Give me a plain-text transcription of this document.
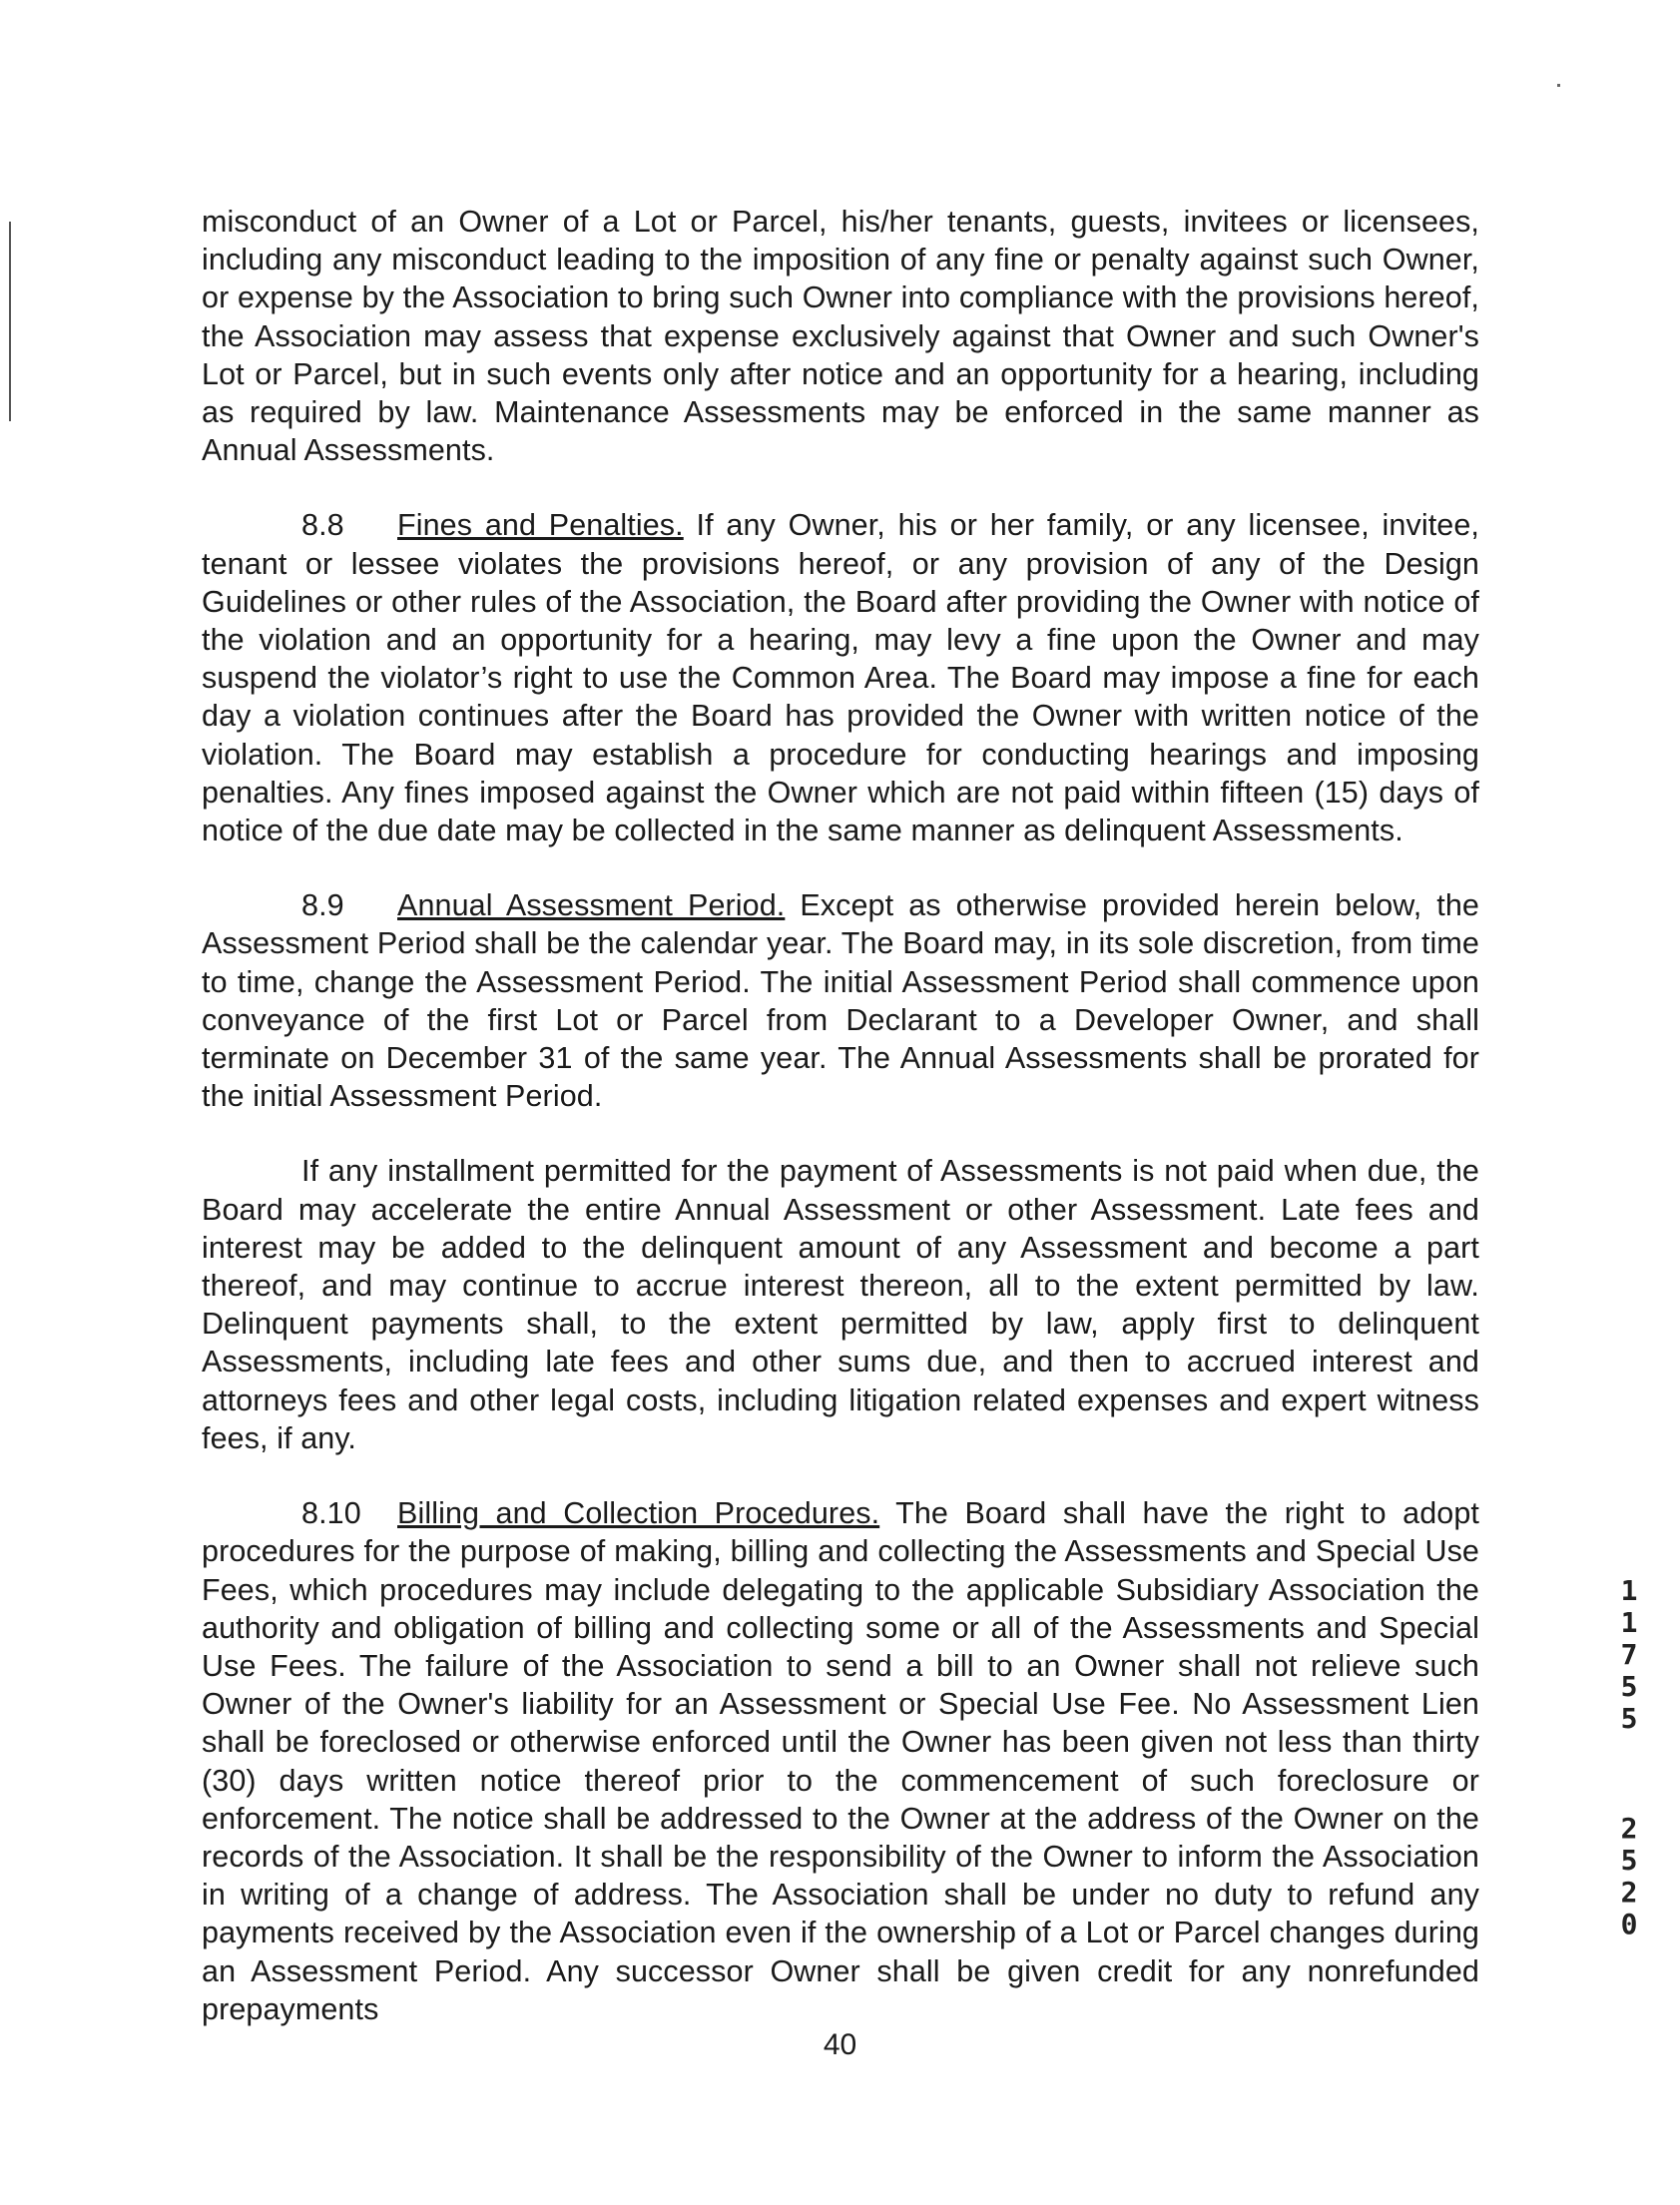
misconduct of an Owner of a Lot or Parcel, his/her tenants, guests, invitees or licensees, including any misconduct leading to the imposition of any fine or penalty against such Owner, or expense by the Association to bring such Owner into compliance with the provisions hereof, the Association may assess that expense exclusively against that Owner and such Owner's Lot or Parcel, but in such events only after notice and an opportunity for a hearing, including as required by law. Maintenance Assessments may be enforced in the same manner as Annual Assessments.

8.8 Fines and Penalties. If any Owner, his or her family, or any licensee, invitee, tenant or lessee violates the provisions hereof, or any provision of any of the Design Guidelines or other rules of the Association, the Board after providing the Owner with notice of the violation and an opportunity for a hearing, may levy a fine upon the Owner and may suspend the violator’s right to use the Common Area. The Board may impose a fine for each day a violation continues after the Board has provided the Owner with written notice of the violation. The Board may establish a procedure for conducting hearings and imposing penalties. Any fines imposed against the Owner which are not paid within fifteen (15) days of notice of the due date may be collected in the same manner as delinquent Assessments.

8.9 Annual Assessment Period. Except as otherwise provided herein below, the Assessment Period shall be the calendar year. The Board may, in its sole discretion, from time to time, change the Assessment Period. The initial Assessment Period shall commence upon conveyance of the first Lot or Parcel from Declarant to a Developer Owner, and shall terminate on December 31 of the same year. The Annual Assessments shall be prorated for the initial Assessment Period.

If any installment permitted for the payment of Assessments is not paid when due, the Board may accelerate the entire Annual Assessment or other Assessment. Late fees and interest may be added to the delinquent amount of any Assessment and become a part thereof, and may continue to accrue interest thereon, all to the extent permitted by law. Delinquent payments shall, to the extent permitted by law, apply first to delinquent Assessments, including late fees and other sums due, and then to accrued interest and attorneys fees and other legal costs, including litigation related expenses and expert witness fees, if any.

8.10 Billing and Collection Procedures. The Board shall have the right to adopt procedures for the purpose of making, billing and collecting the Assessments and Special Use Fees, which procedures may include delegating to the applicable Subsidiary Association the authority and obligation of billing and collecting some or all of the Assessments and Special Use Fees. The failure of the Association to send a bill to an Owner shall not relieve such Owner of the Owner's liability for an Assessment or Special Use Fee. No Assessment Lien shall be foreclosed or otherwise enforced until the Owner has been given not less than thirty (30) days written notice thereof prior to the commencement of such foreclosure or enforcement. The notice shall be addressed to the Owner at the address of the Owner on the records of the Association. It shall be the responsibility of the Owner to inform the Association in writing of a change of address. The Association shall be under no duty to refund any payments received by the Association even if the ownership of a Lot or Parcel changes during an Assessment Period. Any successor Owner shall be given credit for any nonrefunded prepayments

40
1
1
7
5
5
2
5
2
0
